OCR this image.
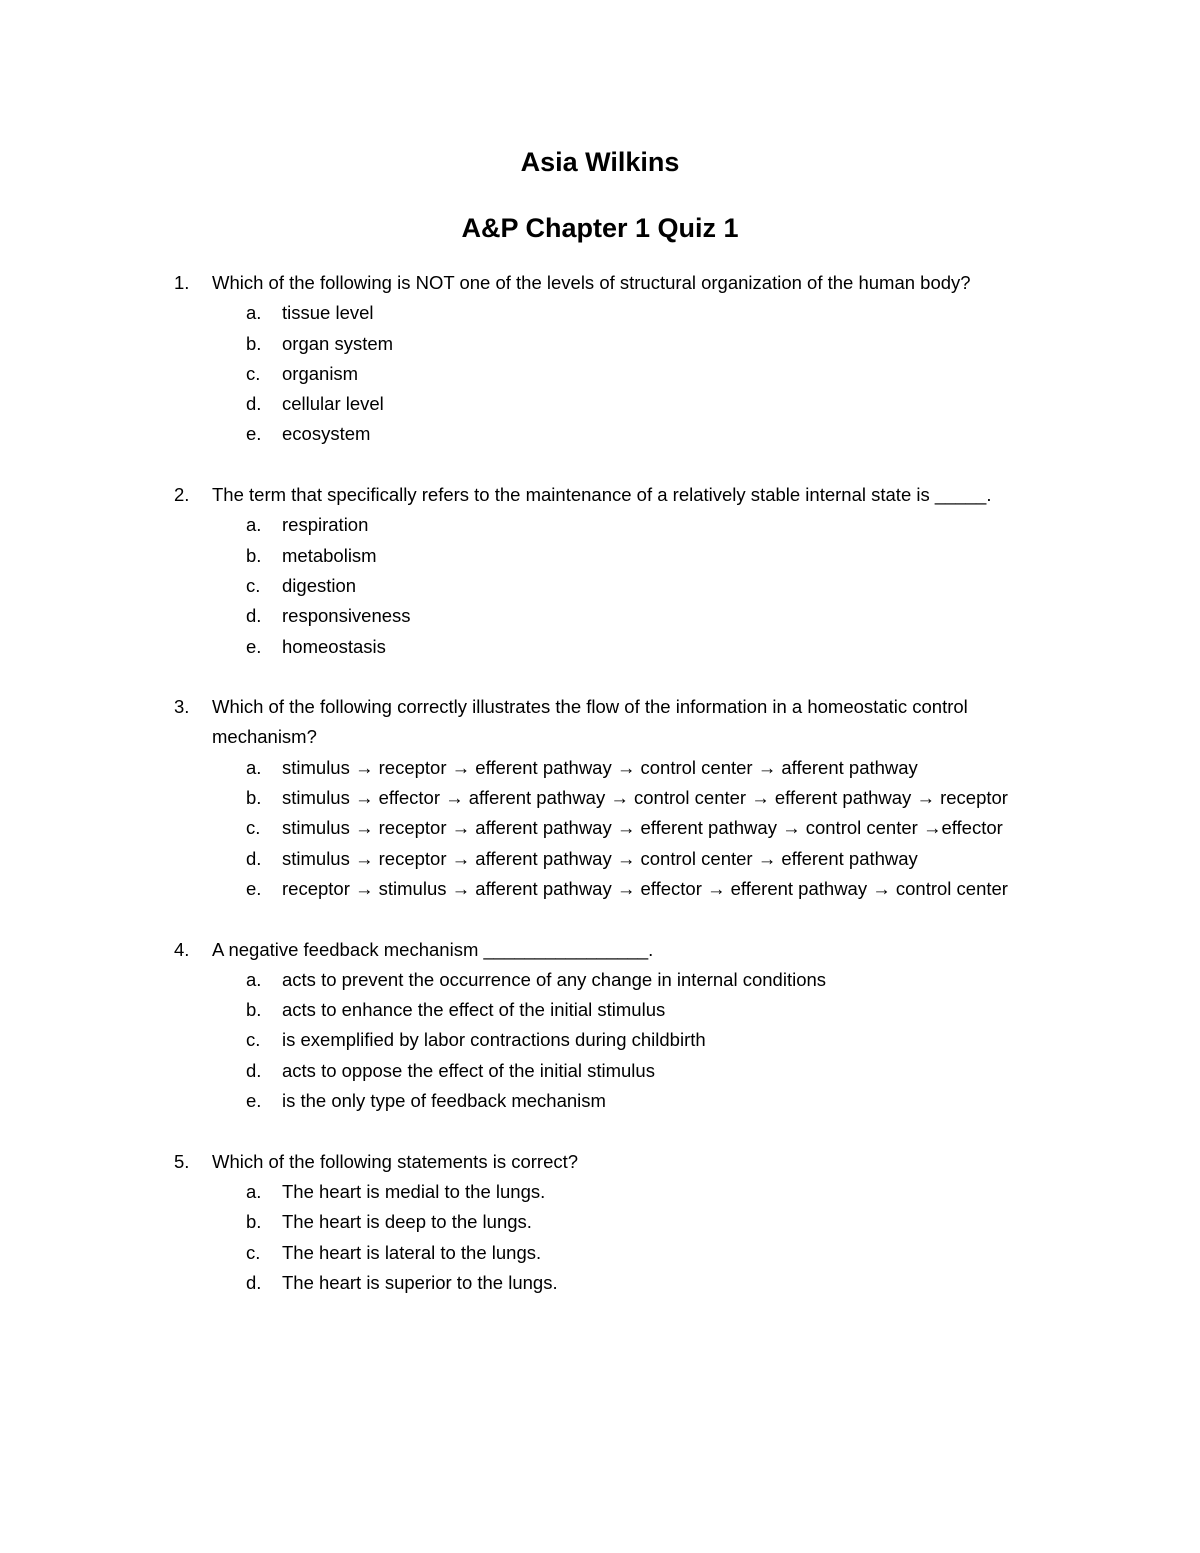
Asia Wilkins
A&P Chapter 1 Quiz 1
1. Which of the following is NOT one of the levels of structural organization of the human body?
a. tissue level
b. organ system
c. organism
d. cellular level
e. ecosystem
2. The term that specifically refers to the maintenance of a relatively stable internal state is _____.
a. respiration
b. metabolism
c. digestion
d. responsiveness
e. homeostasis
3. Which of the following correctly illustrates the flow of the information in a homeostatic control mechanism?
a. stimulus → receptor → efferent pathway → control center → afferent pathway
b. stimulus → effector → afferent pathway → control center → efferent pathway → receptor
c. stimulus → receptor → afferent pathway → efferent pathway → control center →effector
d. stimulus → receptor → afferent pathway → control center → efferent pathway
e. receptor → stimulus → afferent pathway → effector → efferent pathway → control center
4. A negative feedback mechanism ________________.
a. acts to prevent the occurrence of any change in internal conditions
b. acts to enhance the effect of the initial stimulus
c. is exemplified by labor contractions during childbirth
d. acts to oppose the effect of the initial stimulus
e. is the only type of feedback mechanism
5. Which of the following statements is correct?
a. The heart is medial to the lungs.
b. The heart is deep to the lungs.
c. The heart is lateral to the lungs.
d. The heart is superior to the lungs.
